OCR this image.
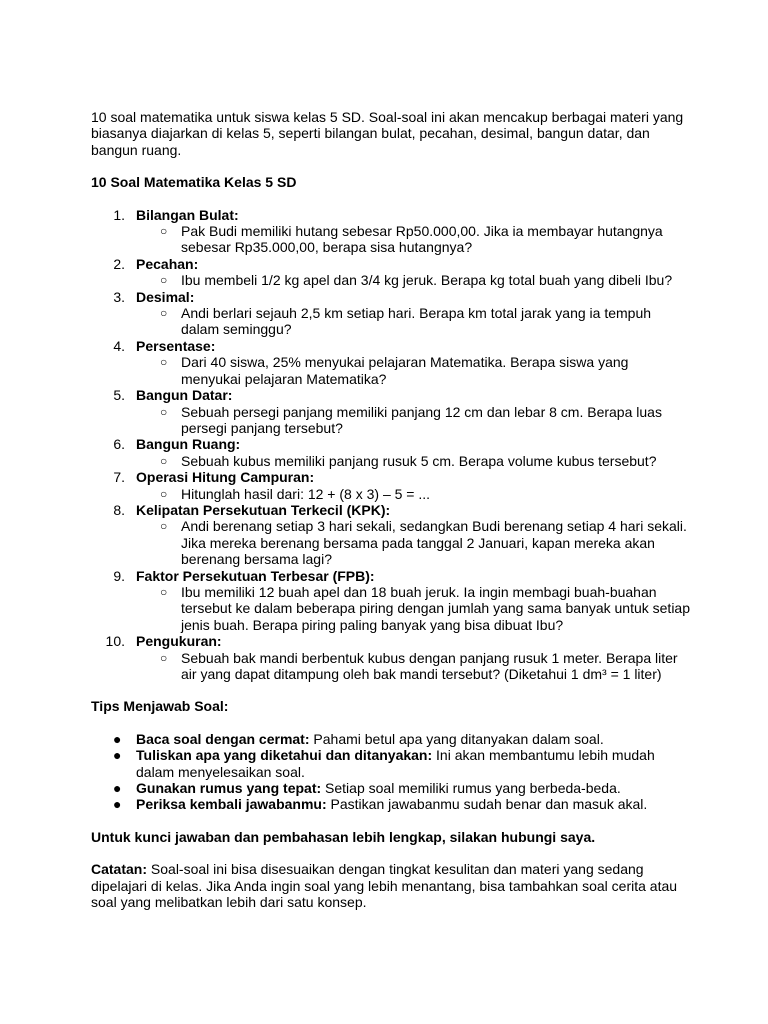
10 soal matematika untuk siswa kelas 5 SD. Soal-soal ini akan mencakup berbagai materi yang biasanya diajarkan di kelas 5, seperti bilangan bulat, pecahan, desimal, bangun datar, dan bangun ruang.

10 Soal Matematika Kelas 5 SD

1. Bilangan Bulat:
○ Pak Budi memiliki hutang sebesar Rp50.000,00. Jika ia membayar hutangnya sebesar Rp35.000,00, berapa sisa hutangnya?
2. Pecahan:
○ Ibu membeli 1/2 kg apel dan 3/4 kg jeruk. Berapa kg total buah yang dibeli Ibu?
3. Desimal:
○ Andi berlari sejauh 2,5 km setiap hari. Berapa km total jarak yang ia tempuh dalam seminggu?
4. Persentase:
○ Dari 40 siswa, 25% menyukai pelajaran Matematika. Berapa siswa yang menyukai pelajaran Matematika?
5. Bangun Datar:
○ Sebuah persegi panjang memiliki panjang 12 cm dan lebar 8 cm. Berapa luas persegi panjang tersebut?
6. Bangun Ruang:
○ Sebuah kubus memiliki panjang rusuk 5 cm. Berapa volume kubus tersebut?
7. Operasi Hitung Campuran:
○ Hitunglah hasil dari: 12 + (8 x 3) – 5 = ...
8. Kelipatan Persekutuan Terkecil (KPK):
○ Andi berenang setiap 3 hari sekali, sedangkan Budi berenang setiap 4 hari sekali. Jika mereka berenang bersama pada tanggal 2 Januari, kapan mereka akan berenang bersama lagi?
9. Faktor Persekutuan Terbesar (FPB):
○ Ibu memiliki 12 buah apel dan 18 buah jeruk. Ia ingin membagi buah-buahan tersebut ke dalam beberapa piring dengan jumlah yang sama banyak untuk setiap jenis buah. Berapa piring paling banyak yang bisa dibuat Ibu?
10. Pengukuran:
○ Sebuah bak mandi berbentuk kubus dengan panjang rusuk 1 meter. Berapa liter air yang dapat ditampung oleh bak mandi tersebut? (Diketahui 1 dm³ = 1 liter)

Tips Menjawab Soal:

● Baca soal dengan cermat: Pahami betul apa yang ditanyakan dalam soal.
● Tuliskan apa yang diketahui dan ditanyakan: Ini akan membantumu lebih mudah dalam menyelesaikan soal.
● Gunakan rumus yang tepat: Setiap soal memiliki rumus yang berbeda-beda.
● Periksa kembali jawabanmu: Pastikan jawabanmu sudah benar dan masuk akal.

Untuk kunci jawaban dan pembahasan lebih lengkap, silakan hubungi saya.

Catatan: Soal-soal ini bisa disesuaikan dengan tingkat kesulitan dan materi yang sedang dipelajari di kelas. Jika Anda ingin soal yang lebih menantang, bisa tambahkan soal cerita atau soal yang melibatkan lebih dari satu konsep.
